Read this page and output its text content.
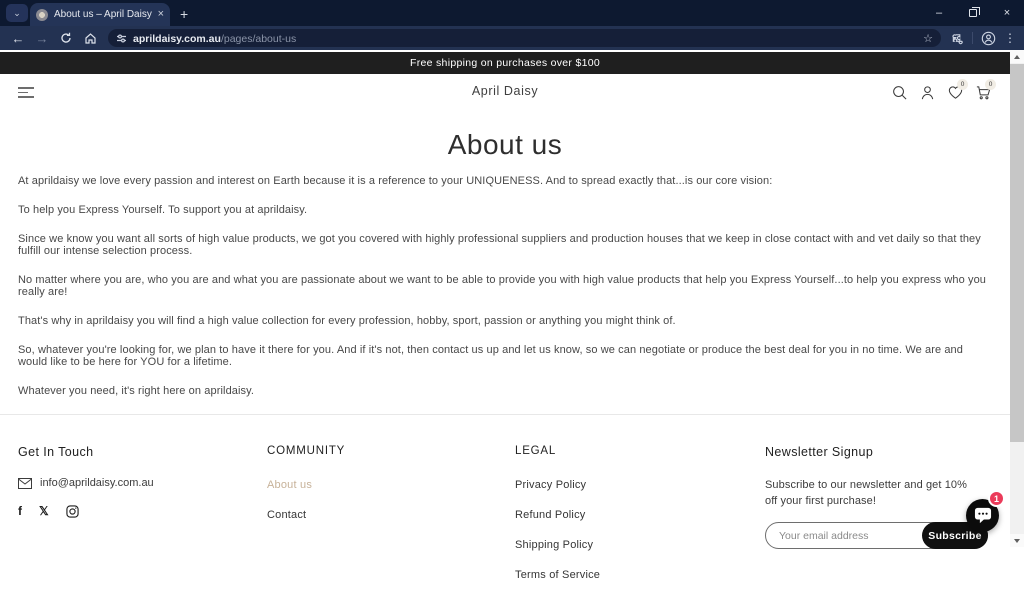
⌄	About us – April Daisy × +	–	×
← →	aprildaisy.com.au/pages/about-us	☆	⋮
Free shipping on purchases over $100
April Daisy	0	0
About us

At aprildaisy we love every passion and interest on Earth because it is a reference to your UNIQUENESS. And to spread exactly that...is our core vision:

To help you Express Yourself. To support you at aprildaisy.

Since we know you want all sorts of high value products, we got you covered with highly professional suppliers and production houses that we keep in close contact with and vet daily so that they fulfill our intense selection process.

No matter where you are, who you are and what you are passionate about we want to be able to provide you with high value products that help you Express Yourself...to help you express who you really are!

That's why in aprildaisy you will find a high value collection for every profession, hobby, sport, passion or anything you might think of.

So, whatever you're looking for, we plan to have it there for you. And if it's not, then contact us up and let us know, so we can negotiate or produce the best deal for you in no time. We are and would like to be here for YOU for a lifetime.

Whatever you need, it's right here on aprildaisy.

Get In Touch
info@aprildaisy.com.au
f 𝕏
COMMUNITY
About us
Contact
LEGAL
Privacy Policy
Refund Policy
Shipping Policy
Terms of Service
Newsletter Signup
Subscribe to our newsletter and get 10% off your first purchase!
Your email address
Subscribe
1
